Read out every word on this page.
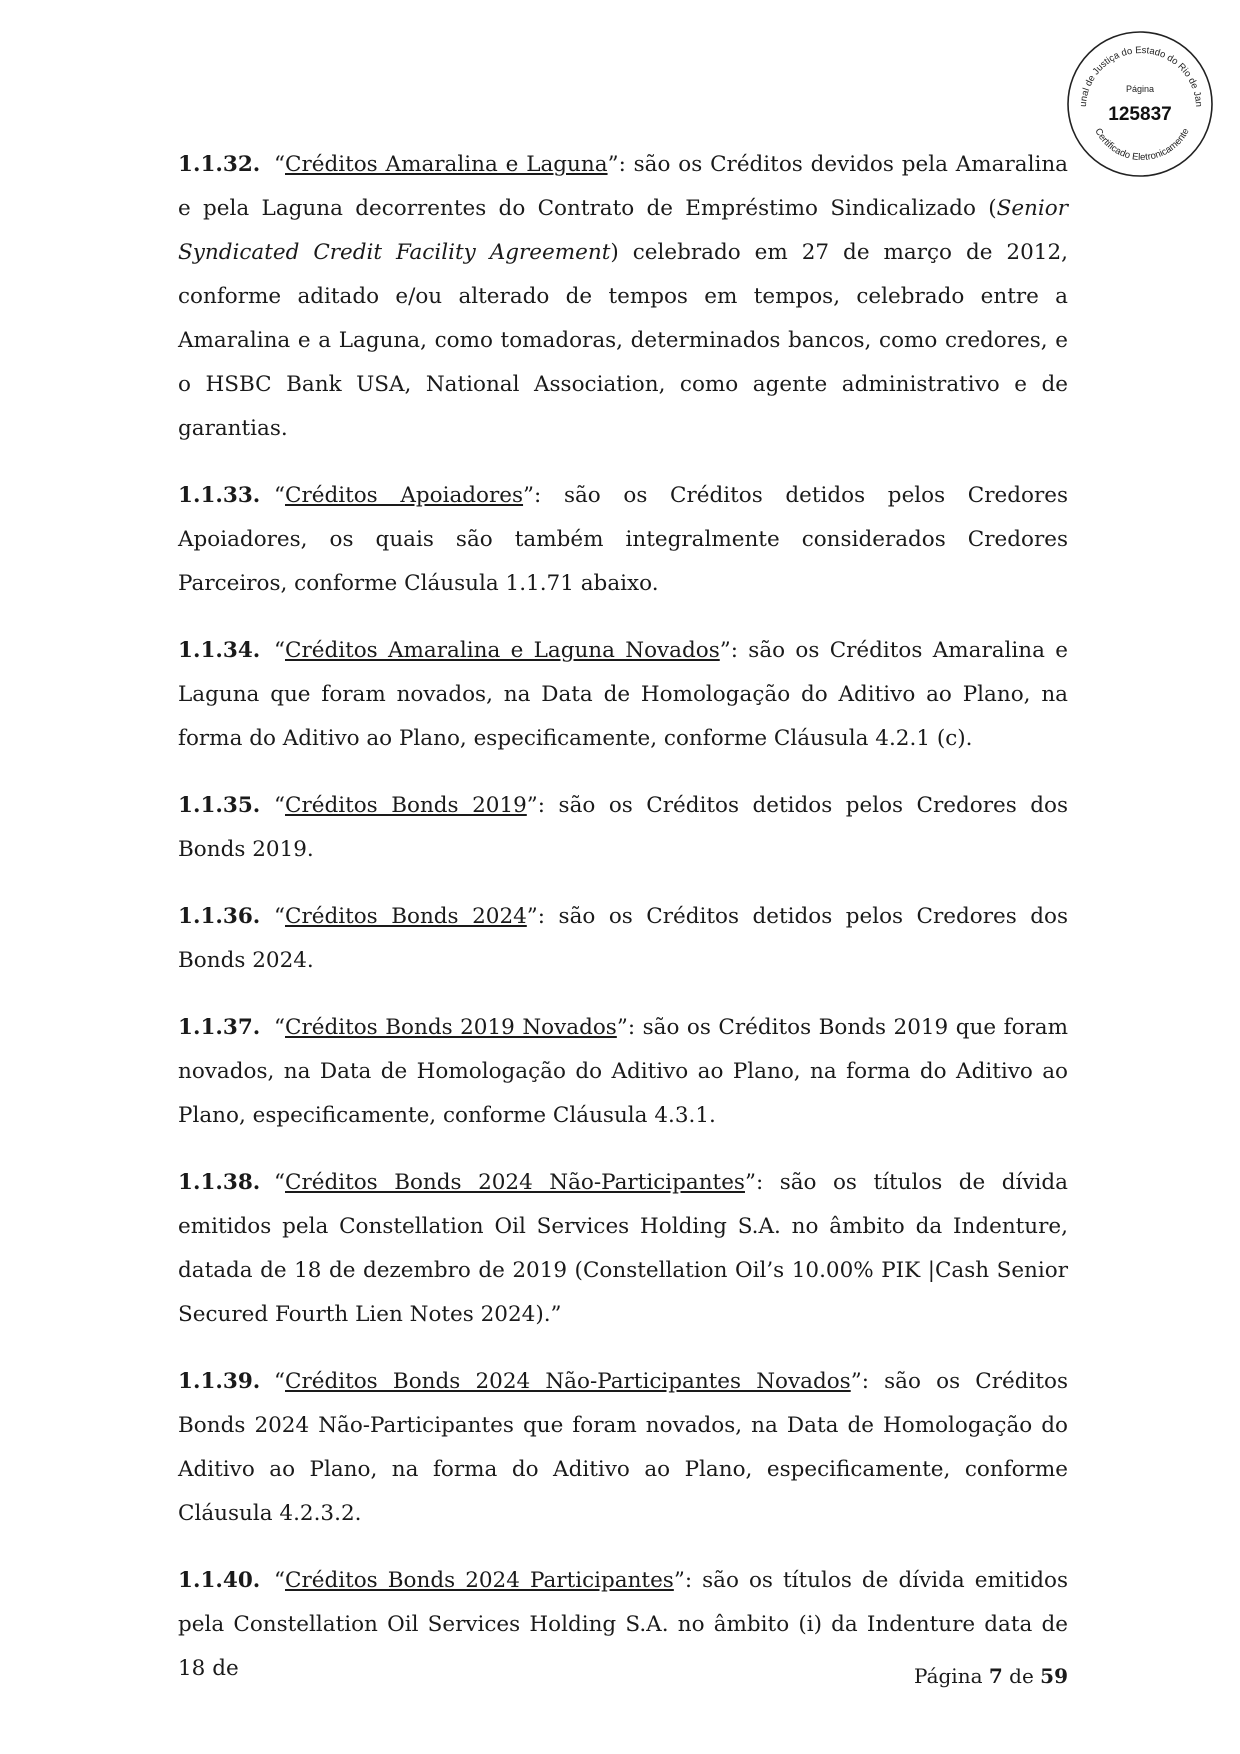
unal de Justiça do Estado do Rio de Jan
Certificado Eletronicamente
Página
125837

1.1.32. “Créditos Amaralina e Laguna”: são os Créditos devidos pela Amaralina e pela Laguna decorrentes do Contrato de Empréstimo Sindicalizado (Senior Syndicated Credit Facility Agreement) celebrado em 27 de março de 2012, conforme aditado e/ou alterado de tempos em tempos, celebrado entre a Amaralina e a Laguna, como tomadoras, determinados bancos, como credores, e o HSBC Bank USA, National Association, como agente administrativo e de garantias.

1.1.33. “Créditos Apoiadores”: são os Créditos detidos pelos Credores Apoiadores, os quais são também integralmente considerados Credores Parceiros, conforme Cláusula 1.1.71 abaixo.

1.1.34. “Créditos Amaralina e Laguna Novados”: são os Créditos Amaralina e Laguna que foram novados, na Data de Homologação do Aditivo ao Plano, na forma do Aditivo ao Plano, especificamente, conforme Cláusula 4.2.1 (c).

1.1.35. “Créditos Bonds 2019”: são os Créditos detidos pelos Credores dos Bonds 2019.

1.1.36. “Créditos Bonds 2024”: são os Créditos detidos pelos Credores dos Bonds 2024.

1.1.37. “Créditos Bonds 2019 Novados”: são os Créditos Bonds 2019 que foram novados, na Data de Homologação do Aditivo ao Plano, na forma do Aditivo ao Plano, especificamente, conforme Cláusula 4.3.1.

1.1.38. “Créditos Bonds 2024 Não-Participantes”: são os títulos de dívida emitidos pela Constellation Oil Services Holding S.A. no âmbito da Indenture, datada de 18 de dezembro de 2019 (Constellation Oil’s 10.00% PIK |Cash Senior Secured Fourth Lien Notes 2024).”

1.1.39. “Créditos Bonds 2024 Não-Participantes Novados”: são os Créditos Bonds 2024 Não-Participantes que foram novados, na Data de Homologação do Aditivo ao Plano, na forma do Aditivo ao Plano, especificamente, conforme Cláusula 4.2.3.2.

1.1.40. “Créditos Bonds 2024 Participantes”: são os títulos de dívida emitidos pela Constellation Oil Services Holding S.A. no âmbito (i) da Indenture data de 18 de	Página 7 de 59
